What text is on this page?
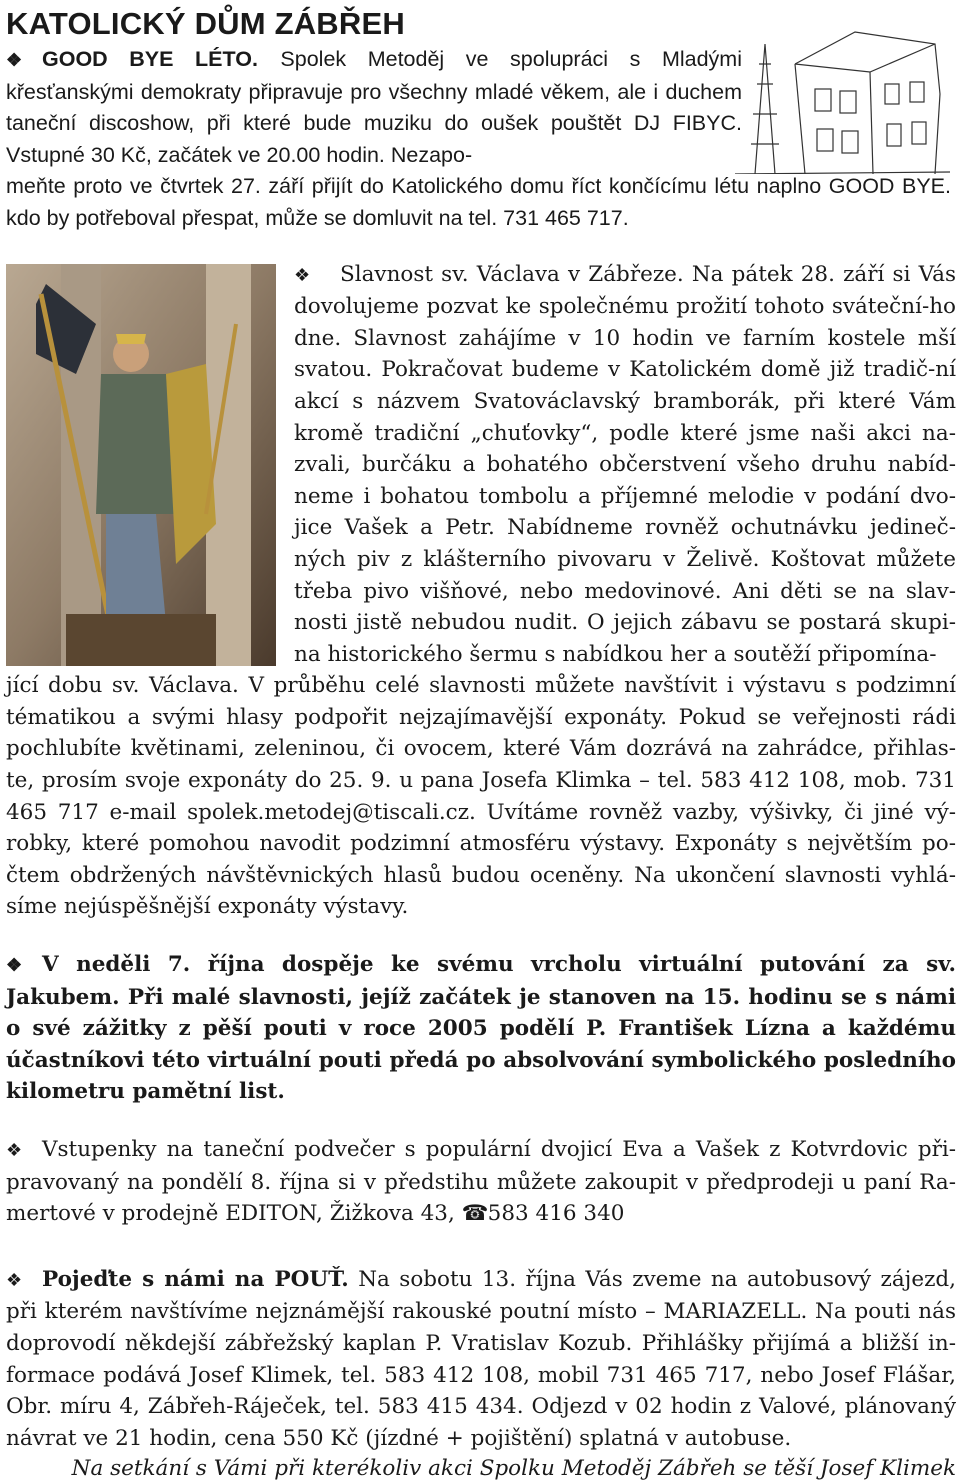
KATOLICKÝ DŮM ZÁBŘEH

❖ GOOD BYE LÉTO. Spolek Metoděj ve spolupráci s Mladými křesťanskými demokraty připravuje pro všechny mladé věkem, ale i duchem taneční discoshow, při které bude muziku do oušek pouštět DJ FIBYC. Vstupné 30 Kč, začátek ve 20.00 hodin. Nezapo-

meňte proto ve čtvrtek 27. září přijít do Katolického domu říct končícímu létu naplno GOOD BYE. kdo by potřeboval přespat, může se domluvit na tel. 731 465 717.

❖ Slavnost sv. Václava v Zábřeze. Na pátek 28. září si Vás dovolujeme pozvat ke společnému prožití tohoto sváteční-ho dne. Slavnost zahájíme v 10 hodin ve farním kostele mší svatou. Pokračovat budeme v Katolickém domě již tradič-ní akcí s názvem Svatováclavský bramborák, při které Vám kromě tradiční „chuťovky“, podle které jsme naši akci na-zvali, burčáku a bohatého občerstvení všeho druhu nabíd-neme i bohatou tombolu a příjemné melodie v podání dvo-jice Vašek a Petr. Nabídneme rovněž ochutnávku jedineč-ných piv z klášterního pivovaru v Želivě. Koštovat můžete třeba pivo višňové, nebo medovinové. Ani děti se na slav-nosti jistě nebudou nudit. O jejich zábavu se postará skupi-na historického šermu s nabídkou her a soutěží připomína-

jící dobu sv. Václava. V průběhu celé slavnosti můžete navštívit i výstavu s podzimní tématikou a svými hlasy podpořit nejzajímavější exponáty. Pokud se veřejnosti rádi pochlubíte květinami, zeleninou, či ovocem, které Vám dozrává na zahrádce, přihlas-te, prosím svoje exponáty do 25. 9. u pana Josefa Klimka – tel. 583 412 108, mob. 731 465 717 e-mail spolek.metodej@tiscali.cz. Uvítáme rovněž vazby, výšivky, či jiné vý-robky, které pomohou navodit podzimní atmosféru výstavy. Exponáty s největším po-čtem obdržených návštěvnických hlasů budou oceněny. Na ukončení slavnosti vyhlá-síme nejúspěšnější exponáty výstavy.

❖ V neděli 7. října dospěje ke svému vrcholu virtuální putování za sv. Jakubem. Při malé slavnosti, jejíž začátek je stanoven na 15. hodinu se s námi o své zážitky z pěší pouti v roce 2005 podělí P. František Lízna a každému účastníkovi této virtuální pouti předá po absolvování symbolického posledního kilometru pamětní list.

❖ Vstupenky na taneční podvečer s populární dvojicí Eva a Vašek z Kotvrdovic při-pravovaný na pondělí 8. října si v předstihu můžete zakoupit v předprodeji u paní Ra-mertové v prodejně EDITON, Žižkova 43, ☎583 416 340

❖ Pojeďte s námi na POUŤ. Na sobotu 13. října Vás zveme na autobusový zájezd, při kterém navštívíme nejznámější rakouské poutní místo – MARIAZELL. Na pouti nás doprovodí někdejší zábřežský kaplan P. Vratislav Kozub. Přihlášky přijímá a bližší in-formace podává Josef Klimek, tel. 583 412 108, mobil 731 465 717, nebo Josef Flášar, Obr. míru 4, Zábřeh-Ráječek, tel. 583 415 434. Odjezd v 02 hodin z Valové, plánovaný návrat ve 21 hodin, cena 550 Kč (jízdné + pojištění) splatná v autobuse.

Na setkání s Vámi při kterékoliv akci Spolku Metoděj Zábřeh se těší Josef Klimek
